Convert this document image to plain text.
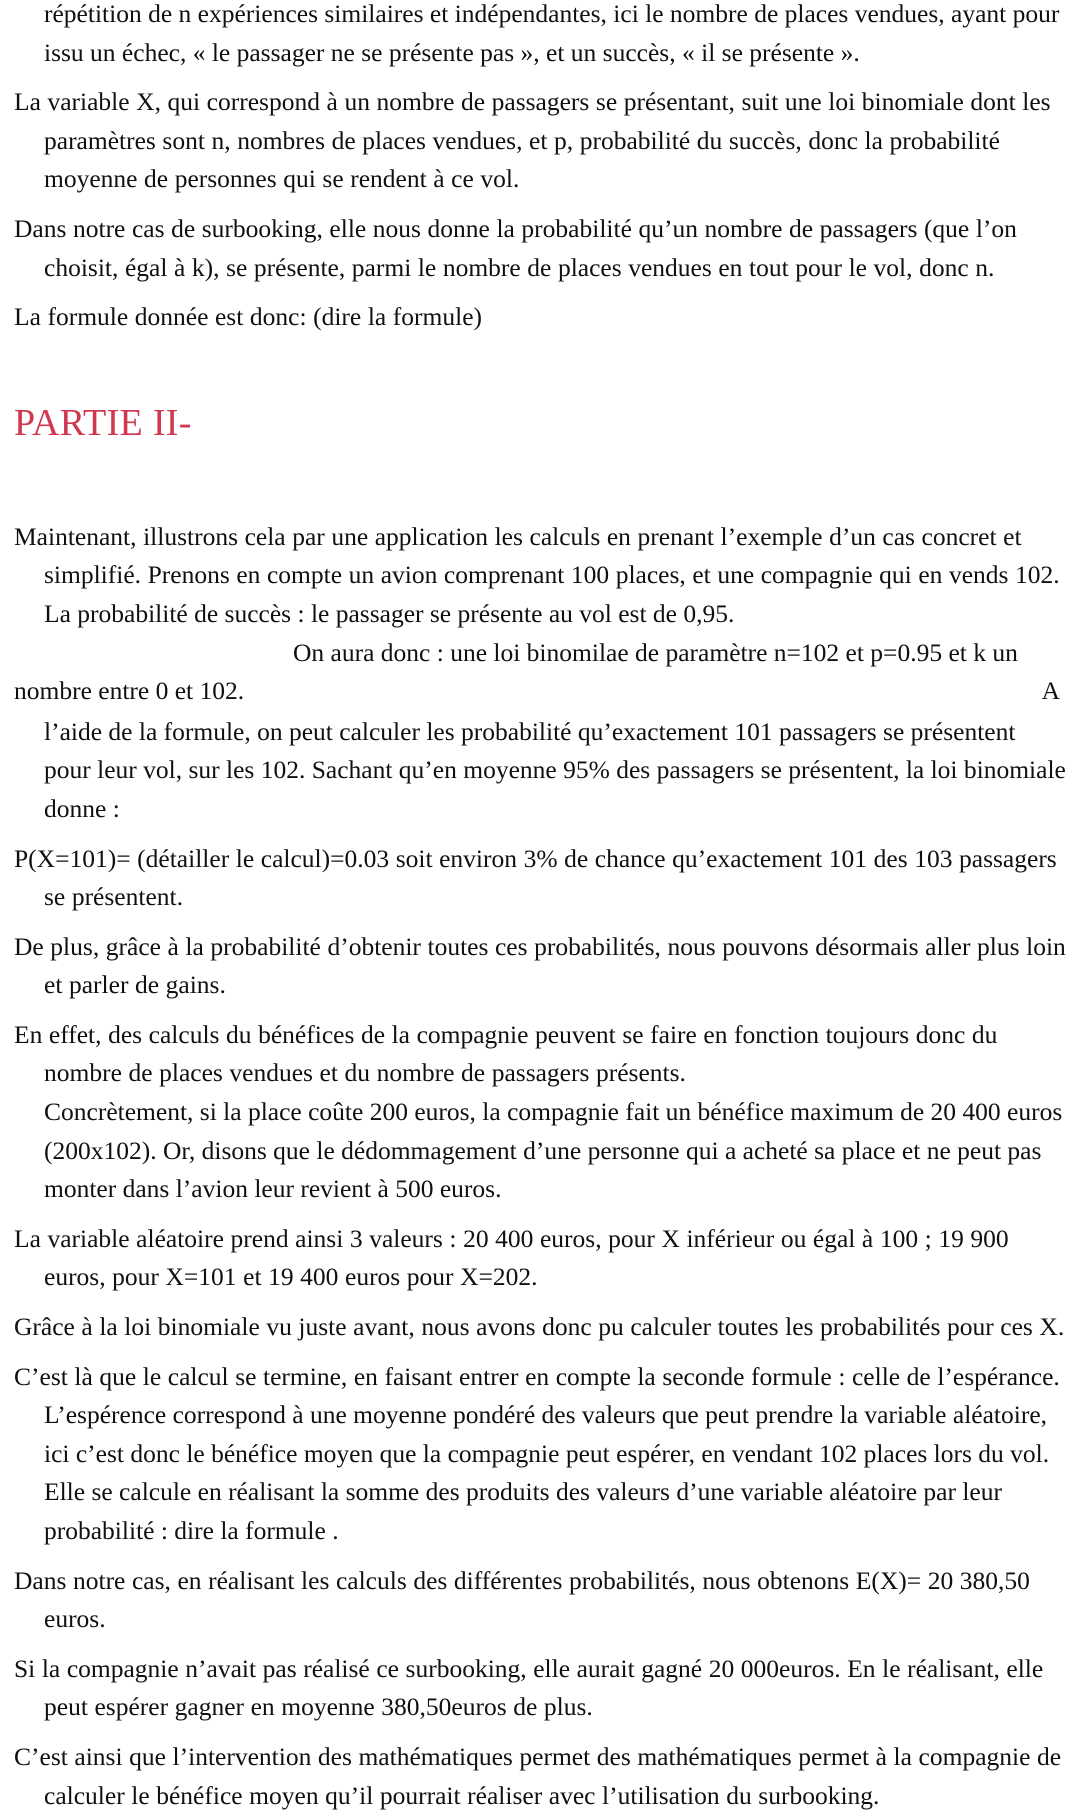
répétition de n expériences similaires et indépendantes, ici le nombre de places vendues, ayant pour

issu un échec, « le passager ne se présente pas », et un succès, « il se présente ».

La variable X, qui correspond à un nombre de passagers se présentant, suit une loi binomiale dont les paramètres sont n, nombres de places vendues, et p, probabilité du succès, donc la probabilité moyenne de personnes qui se rendent à ce vol.

Dans notre cas de surbooking, elle nous donne la probabilité qu’un nombre de passagers (que l’on choisit, égal à k), se présente, parmi le nombre de places vendues en tout pour le vol, donc n.

La formule donnée est donc: (dire la formule)

PARTIE II-

Maintenant, illustrons cela par une application les calculs en prenant l’exemple d’un cas concret et simplifié. Prenons en compte un avion comprenant 100 places, et une compagnie qui en vends 102.

La probabilité de succès : le passager se présente au vol est de 0,95.

On aura donc : une loi binomilae de paramètre n=102 et p=0.95 et k un

nombre entre 0 et 102.	A

l’aide de la formule, on peut calculer les probabilité qu’exactement 101 passagers se présentent pour leur vol, sur les 102. Sachant qu’en moyenne 95% des passagers se présentent, la loi binomiale donne :

P(X=101)= (détailler le calcul)=0.03 soit environ 3% de chance qu’exactement 101 des 103 passagers se présentent.

De plus, grâce à la probabilité d’obtenir toutes ces probabilités, nous pouvons désormais aller plus loin et parler de gains.

En effet, des calculs du bénéfices de la compagnie peuvent se faire en fonction toujours donc du nombre de places vendues et du nombre de passagers présents.

Concrètement, si la place coûte 200 euros, la compagnie fait un bénéfice maximum de 20 400 euros (200x102). Or, disons que le dédommagement d’une personne qui a acheté sa place et ne peut pas monter dans l’avion leur revient à 500 euros.

La variable aléatoire prend ainsi 3 valeurs : 20 400 euros, pour X inférieur ou égal à 100 ; 19 900 euros, pour X=101 et 19 400 euros pour X=202.

Grâce à la loi binomiale vu juste avant, nous avons donc pu calculer toutes les probabilités pour ces X.

C’est là que le calcul se termine, en faisant entrer en compte la seconde formule : celle de l’espérance.

L’espérence correspond à une moyenne pondéré des valeurs que peut prendre la variable aléatoire, ici c’est donc le bénéfice moyen que la compagnie peut espérer, en vendant 102 places lors du vol. Elle se calcule en réalisant la somme des produits des valeurs d’une variable aléatoire par leur probabilité : dire la formule .

Dans notre cas, en réalisant les calculs des différentes probabilités, nous obtenons E(X)= 20 380,50 euros.

Si la compagnie n’avait pas réalisé ce surbooking, elle aurait gagné 20 000euros. En le réalisant, elle peut espérer gagner en moyenne 380,50euros de plus.

C’est ainsi que l’intervention des mathématiques permet des mathématiques permet à la compagnie de calculer le bénéfice moyen qu’il pourrait réaliser avec l’utilisation du surbooking.
